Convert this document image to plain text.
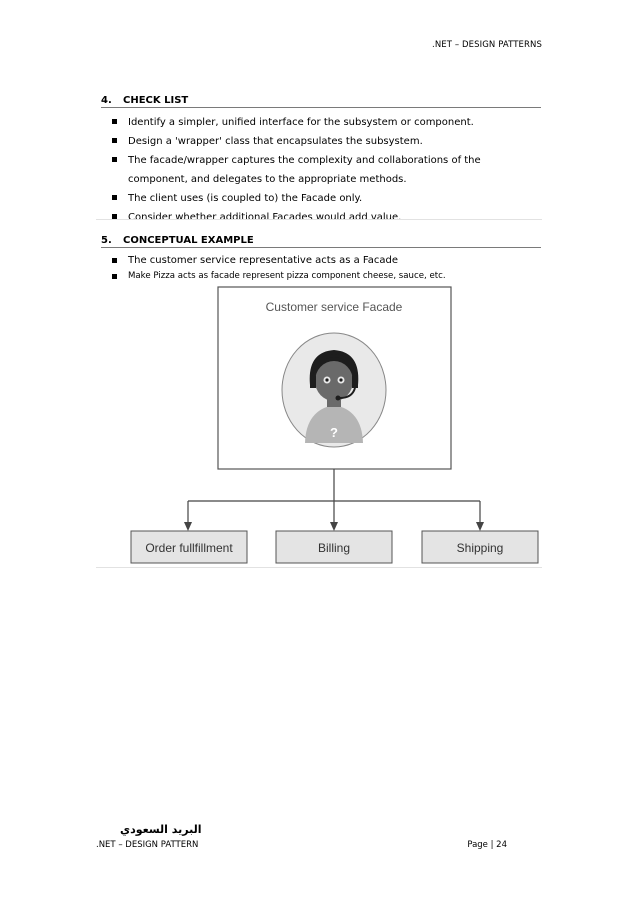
.NET – DESIGN PATTERNS
4. CHECK LIST
Identify a simpler, unified interface for the subsystem or component.
Design a 'wrapper' class that encapsulates the subsystem.
The facade/wrapper captures the complexity and collaborations of the component, and delegates to the appropriate methods.
The client uses (is coupled to) the Facade only.
Consider whether additional Facades would add value.
5. CONCEPTUAL EXAMPLE
The customer service representative acts as a Facade
Make Pizza acts as facade represent pizza component cheese, sauce, etc.
Customer service Facade
?
Order fullfillment	Billing	Shipping
البريد السعودي
.NET – DESIGN PATTERN	Page | 24
